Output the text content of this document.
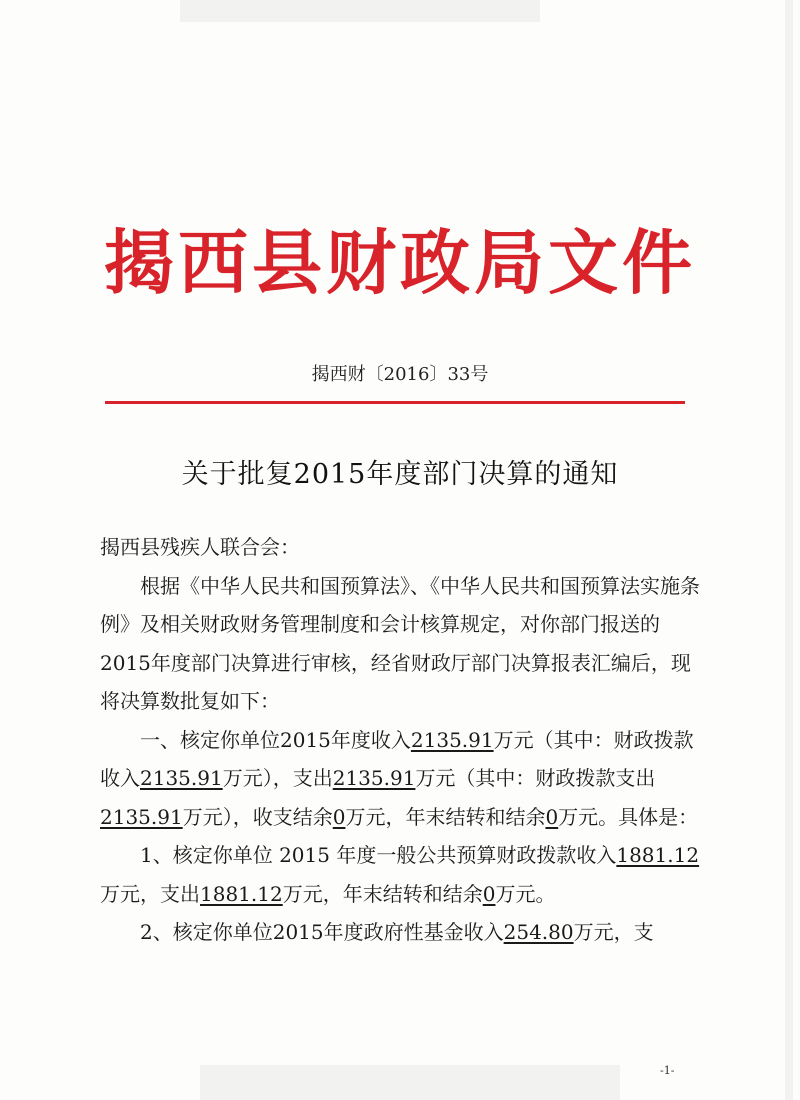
揭西县财政局文件
揭西财〔2016〕33号
关于批复2015年度部门决算的通知

揭西县残疾人联合会：

根据《中华人民共和国预算法》、《中华人民共和国预算法实施条例》及相关财政财务管理制度和会计核算规定，对你部门报送的2015年度部门决算进行审核，经省财政厅部门决算报表汇编后，现将决算数批复如下：

一、核定你单位2015年度收入2135.91万元（其中：财政拨款收入2135.91万元），支出2135.91万元（其中：财政拨款支出2135.91万元），收支结余0万元，年末结转和结余0万元。具体是：

1、核定你单位 2015 年度一般公共预算财政拨款收入1881.12万元，支出1881.12万元，年末结转和结余0万元。

2、核定你单位2015年度政府性基金收入254.80万元，支

-1-
